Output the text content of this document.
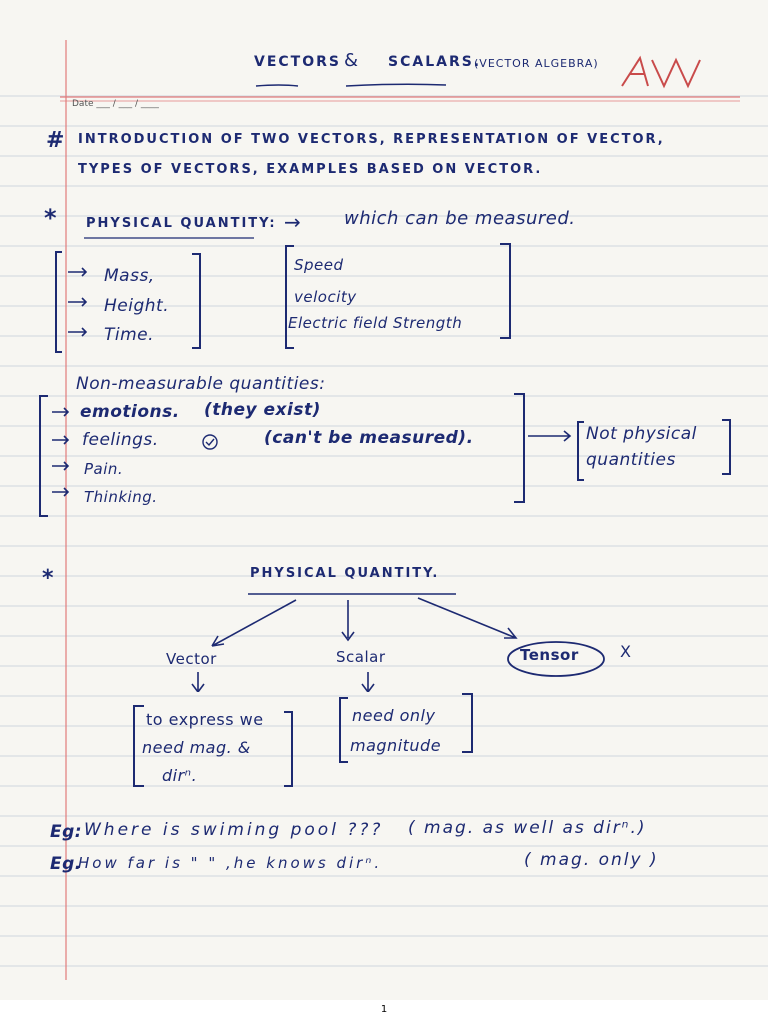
VECTORS & SCALARS.
(VECTOR ALGEBRA)
Date ___ / ___ / ____
# INTRODUCTION OF TWO VECTORS, REPRESENTATION OF VECTOR,
TYPES OF VECTORS, EXAMPLES BASED ON VECTOR.
* PHYSICAL QUANTITY: → which can be measured.
Mass,
Height.
Time.
Speed
velocity
Electric field Strength
Non-measurable quantities:
emotions. (they exist)
feelings.	(can't be measured).
Pain.
Thinking.
Not physical
quantities
*	PHYSICAL QUANTITY.
Vector	Scalar	Tensor	X
to express we
need mag. &
dirⁿ.
need only
magnitude
Eg: Where is swiming pool ??? ( mag. as well as dirⁿ.)
Eg.
How far is " " ,he knows dirⁿ.	( mag. only )
1
